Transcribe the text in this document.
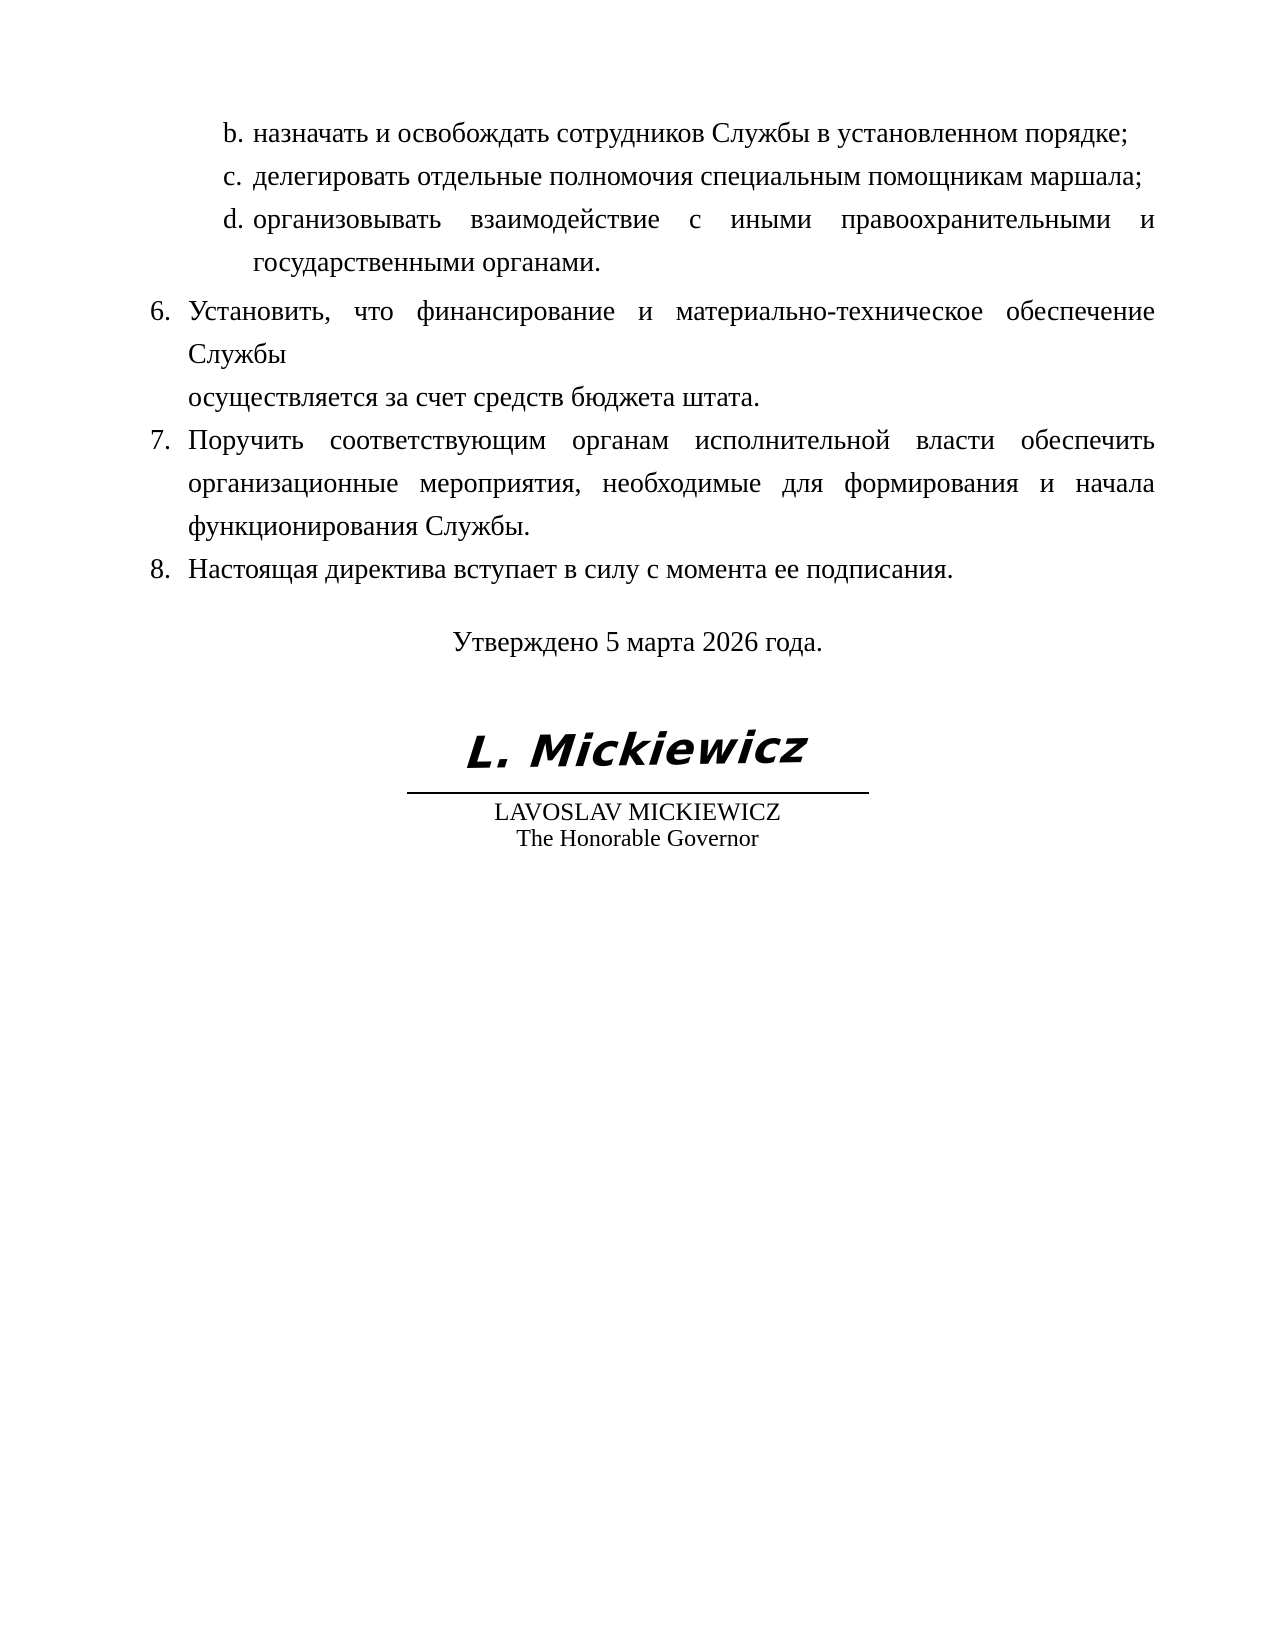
b. назначать и освобождать сотрудников Службы в установленном порядке;
c. делегировать отдельные полномочия специальным помощникам маршала;
d. организовывать взаимодействие с иными правоохранительными и
государственными органами.
6. Установить, что финансирование и материально-техническое обеспечение Службы
осуществляется за счет средств бюджета штата.
7. Поручить соответствующим органам исполнительной власти обеспечить
организационные мероприятия, необходимые для формирования и начала
функционирования Службы.
8. Настоящая директива вступает в силу с момента ее подписания.
Утверждено 5 марта 2026 года.
L. Mickiewicz
LAVOSLAV MICKIEWICZ
The Honorable Governor
